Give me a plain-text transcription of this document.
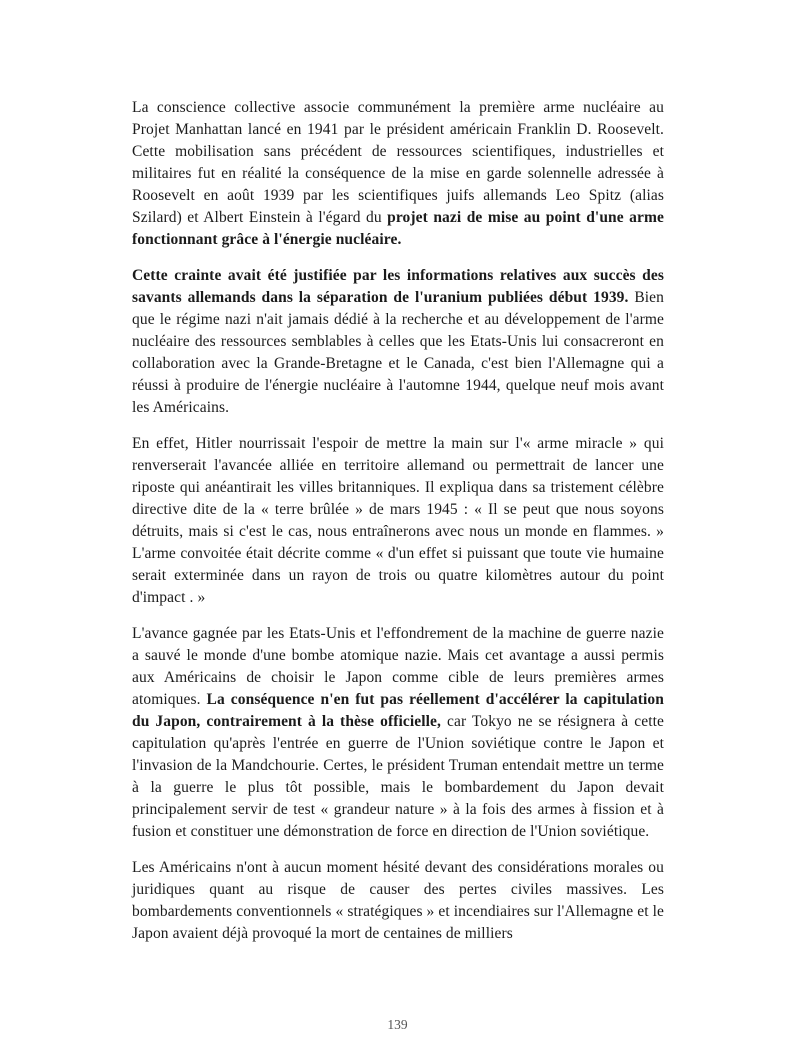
La conscience collective associe communément la première arme nucléaire au Projet Manhattan lancé en 1941 par le président américain Franklin D. Roosevelt. Cette mobilisation sans précédent de ressources scientifiques, industrielles et militaires fut en réalité la conséquence de la mise en garde solennelle adressée à Roosevelt en août 1939 par les scientifiques juifs allemands Leo Spitz (alias Szilard) et Albert Einstein à l'égard du projet nazi de mise au point d'une arme fonctionnant grâce à l'énergie nucléaire.

Cette crainte avait été justifiée par les informations relatives aux succès des savants allemands dans la séparation de l'uranium publiées début 1939. Bien que le régime nazi n'ait jamais dédié à la recherche et au développement de l'arme nucléaire des ressources semblables à celles que les Etats-Unis lui consacreront en collaboration avec la Grande-Bretagne et le Canada, c'est bien l'Allemagne qui a réussi à produire de l'énergie nucléaire à l'automne 1944, quelque neuf mois avant les Américains.

En effet, Hitler nourrissait l'espoir de mettre la main sur l'« arme miracle » qui renverserait l'avancée alliée en territoire allemand ou permettrait de lancer une riposte qui anéantirait les villes britanniques. Il expliqua dans sa tristement célèbre directive dite de la « terre brûlée » de mars 1945 : « Il se peut que nous soyons détruits, mais si c'est le cas, nous entraînerons avec nous un monde en flammes. » L'arme convoitée était décrite comme « d'un effet si puissant que toute vie humaine serait exterminée dans un rayon de trois ou quatre kilomètres autour du point d'impact . »

L'avance gagnée par les Etats-Unis et l'effondrement de la machine de guerre nazie a sauvé le monde d'une bombe atomique nazie. Mais cet avantage a aussi permis aux Américains de choisir le Japon comme cible de leurs premières armes atomiques. La conséquence n'en fut pas réellement d'accélérer la capitulation du Japon, contrairement à la thèse officielle, car Tokyo ne se résignera à cette capitulation qu'après l'entrée en guerre de l'Union soviétique contre le Japon et l'invasion de la Mandchourie. Certes, le président Truman entendait mettre un terme à la guerre le plus tôt possible, mais le bombardement du Japon devait principalement servir de test « grandeur nature » à la fois des armes à fission et à fusion et constituer une démonstration de force en direction de l'Union soviétique.

Les Américains n'ont à aucun moment hésité devant des considérations morales ou juridiques quant au risque de causer des pertes civiles massives. Les bombardements conventionnels « stratégiques » et incendiaires sur l'Allemagne et le Japon avaient déjà provoqué la mort de centaines de milliers

139
